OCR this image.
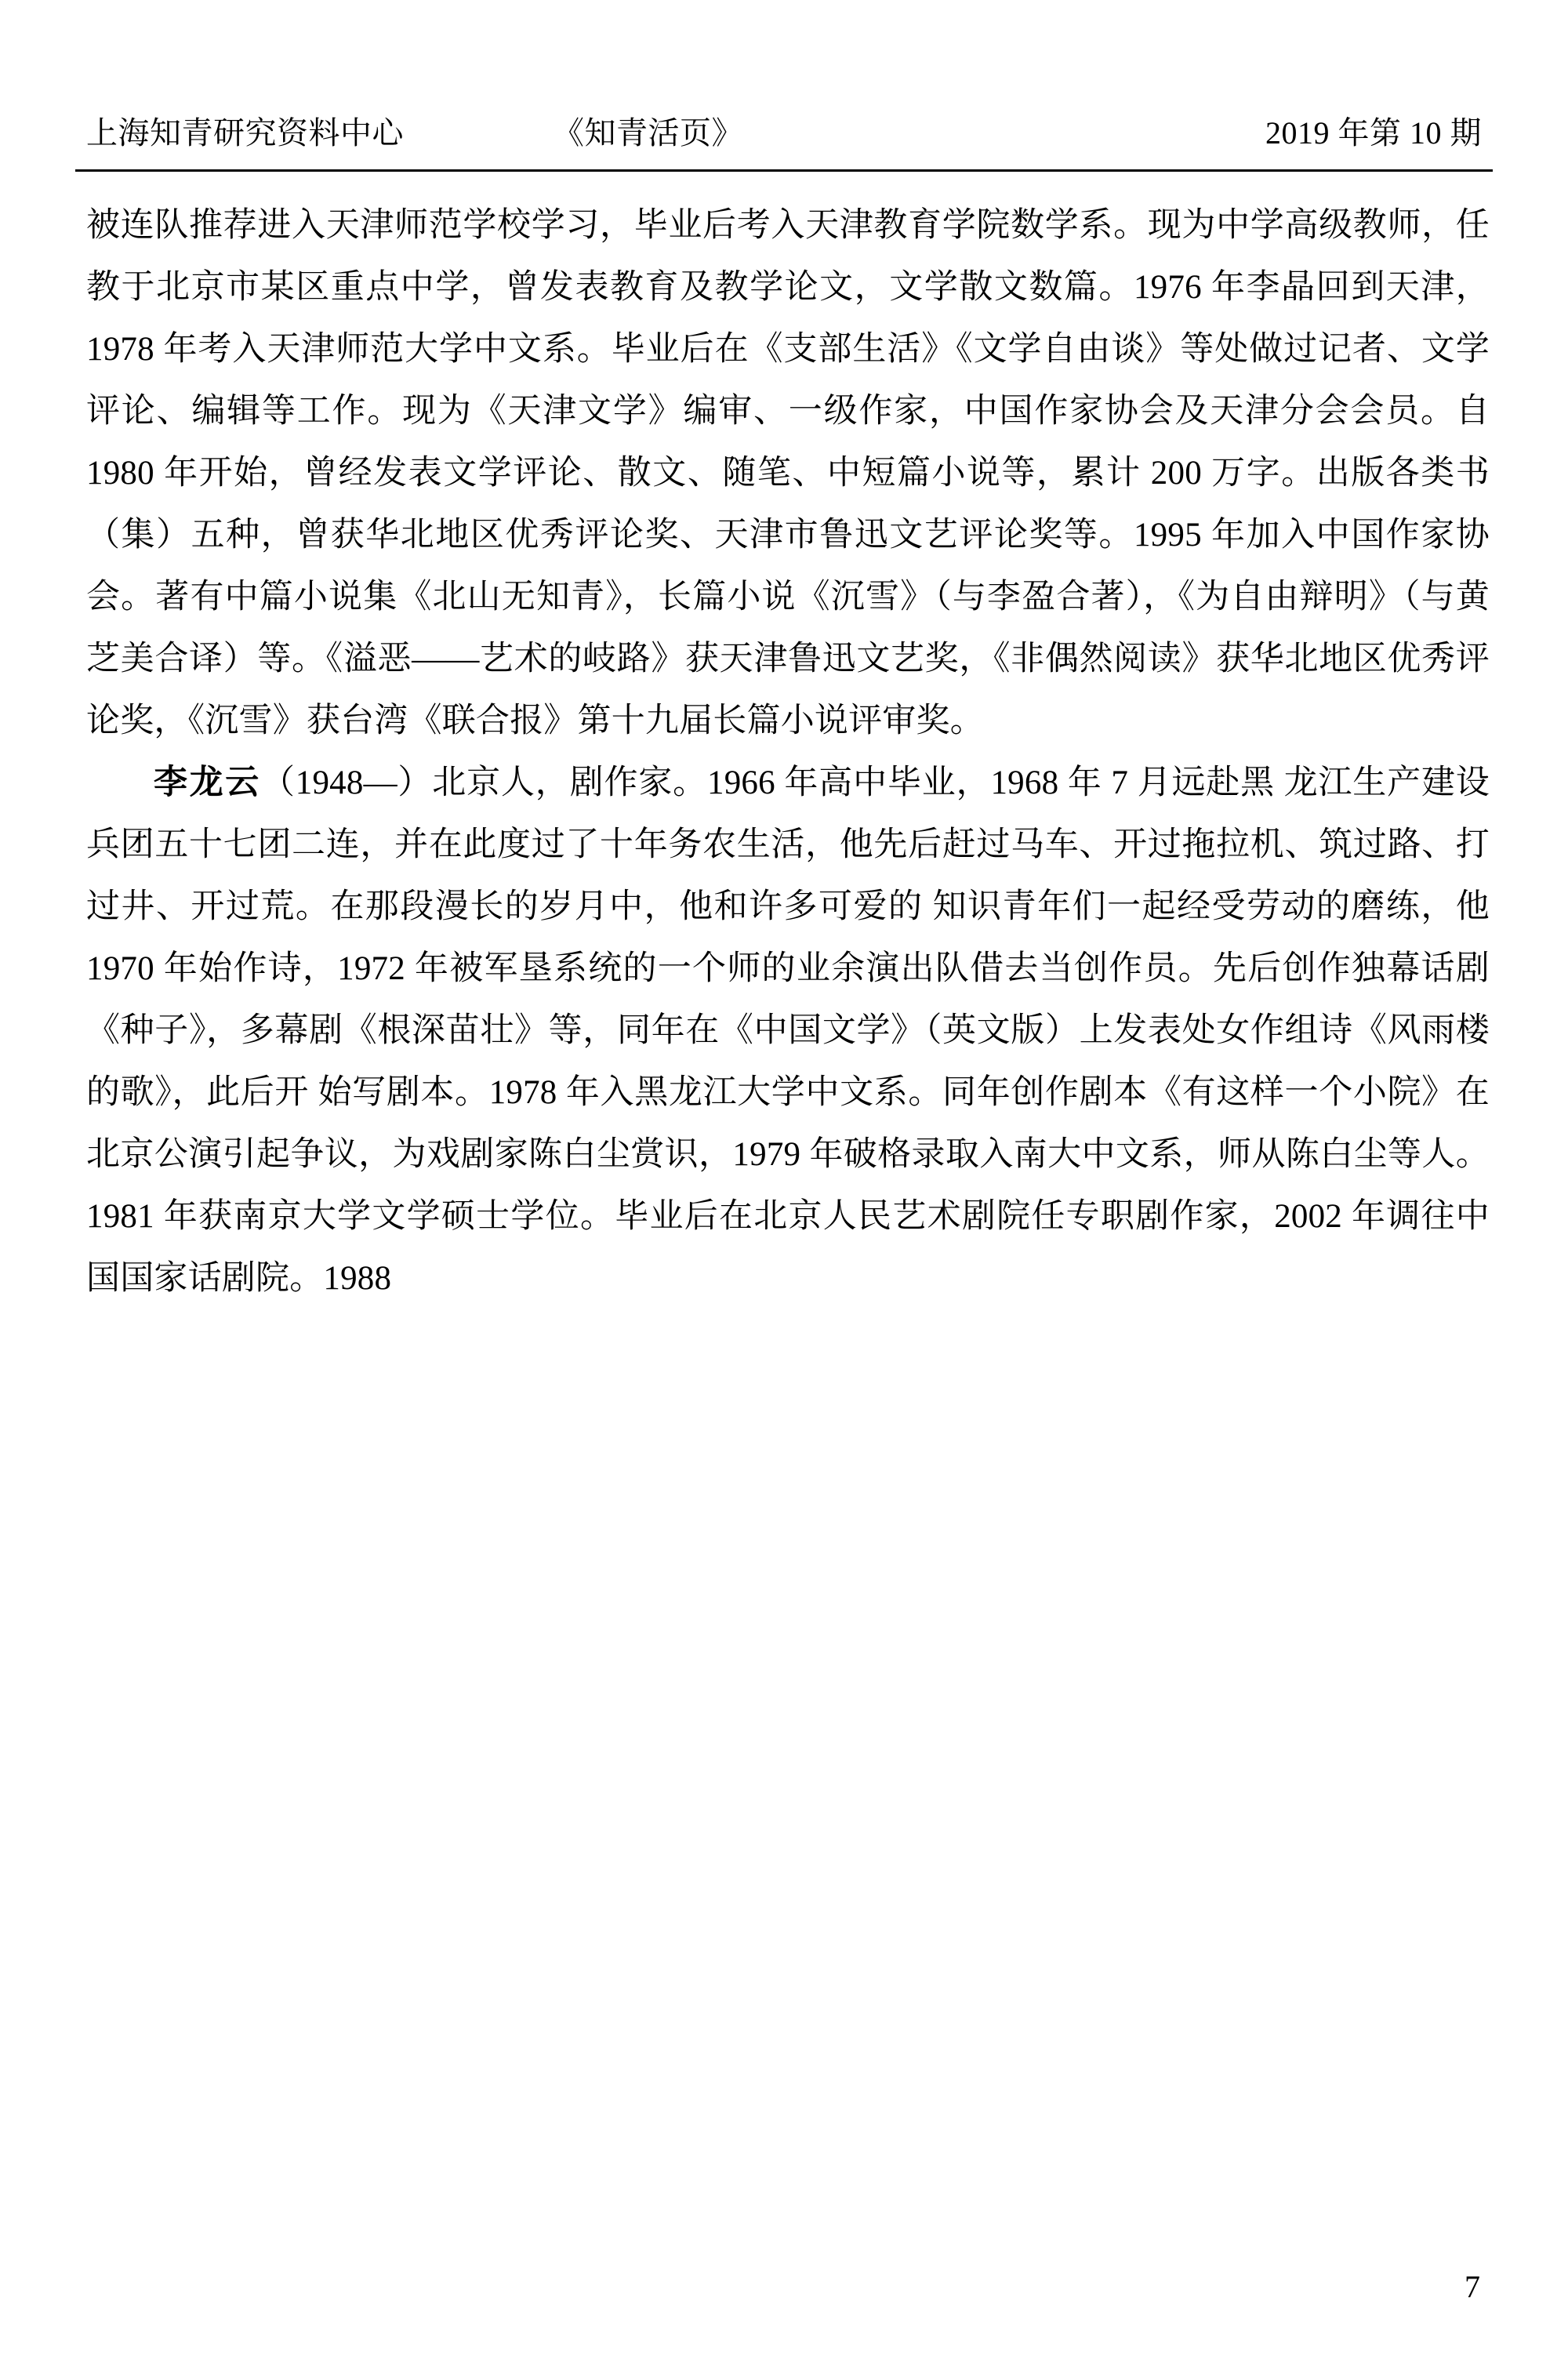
上海知青研究资料中心	《知青活页》	2019 年第 10 期

被连队推荐进入天津师范学校学习，毕业后考入天津教育学院数学系。现为中学高级教师，任教于北京市某区重点中学，曾发表教育及教学论文，文学散文数篇。1976 年李晶回到天津，1978 年考入天津师范大学中文系。毕业后在《支部生活》《文学自由谈》等处做过记者、文学评论、编辑等工作。现为《天津文学》编审、一级作家，中国作家协会及天津分会会员。自 1980 年开始，曾经发表文学评论、散文、随笔、中短篇小说等，累计 200 万字。出版各类书（集）五种，曾获华北地区优秀评论奖、天津市鲁迅文艺评论奖等。1995 年加入中国作家协会。著有中篇小说集《北山无知青》，长篇小说《沉雪》（与李盈合著），《为自由辩明》（与黄芝美合译）等。《溢恶——艺术的岐路》获天津鲁迅文艺奖，《非偶然阅读》获华北地区优秀评论奖，《沉雪》获台湾《联合报》第十九届长篇小说评审奖。

李龙云（1948—）北京人，剧作家。1966 年高中毕业，1968 年 7 月远赴黑 龙江生产建设兵团五十七团二连，并在此度过了十年务农生活，他先后赶过马车、开过拖拉机、筑过路、打过井、开过荒。在那段漫长的岁月中，他和许多可爱的 知识青年们一起经受劳动的磨练，他 1970 年始作诗，1972 年被军垦系统的一个师的业余演出队借去当创作员。先后创作独幕话剧《种子》，多幕剧《根深苗壮》等，同年在《中国文学》（英文版）上发表处女作组诗《风雨楼的歌》，此后开 始写剧本。1978 年入黑龙江大学中文系。同年创作剧本《有这样一个小院》在北京公演引起争议，为戏剧家陈白尘赏识，1979 年破格录取入南大中文系，师从陈白尘等人。1981 年获南京大学文学硕士学位。毕业后在北京人民艺术剧院任专职剧作家，2002 年调往中国国家话剧院。1988

7
